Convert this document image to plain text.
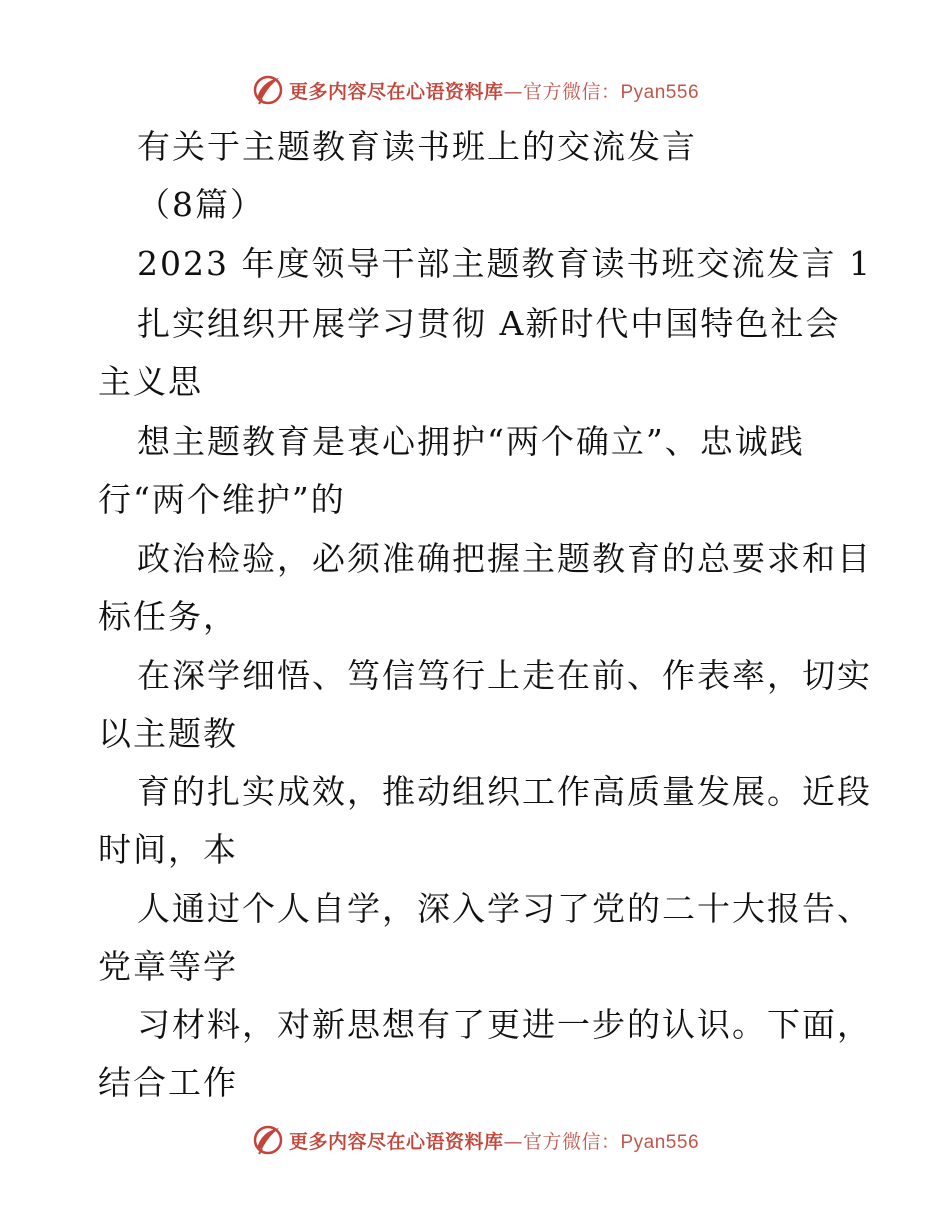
更多内容尽在心语资料库—官方微信：Pyan556
有关于主题教育读书班上的交流发言
（8篇）
2023 年度领导干部主题教育读书班交流发言 1
扎实组织开展学习贯彻 A新时代中国特色社会
主义思
想主题教育是衷心拥护“两个确立”、忠诚践
行“两个维护”的
政治检验，必须准确把握主题教育的总要求和目
标任务，
在深学细悟、笃信笃行上走在前、作表率，切实
以主题教
育的扎实成效，推动组织工作高质量发展。近段
时间，本
人通过个人自学，深入学习了党的二十大报告、
党章等学
习材料，对新思想有了更进一步的认识。下面，
结合工作
更多内容尽在心语资料库—官方微信：Pyan556
